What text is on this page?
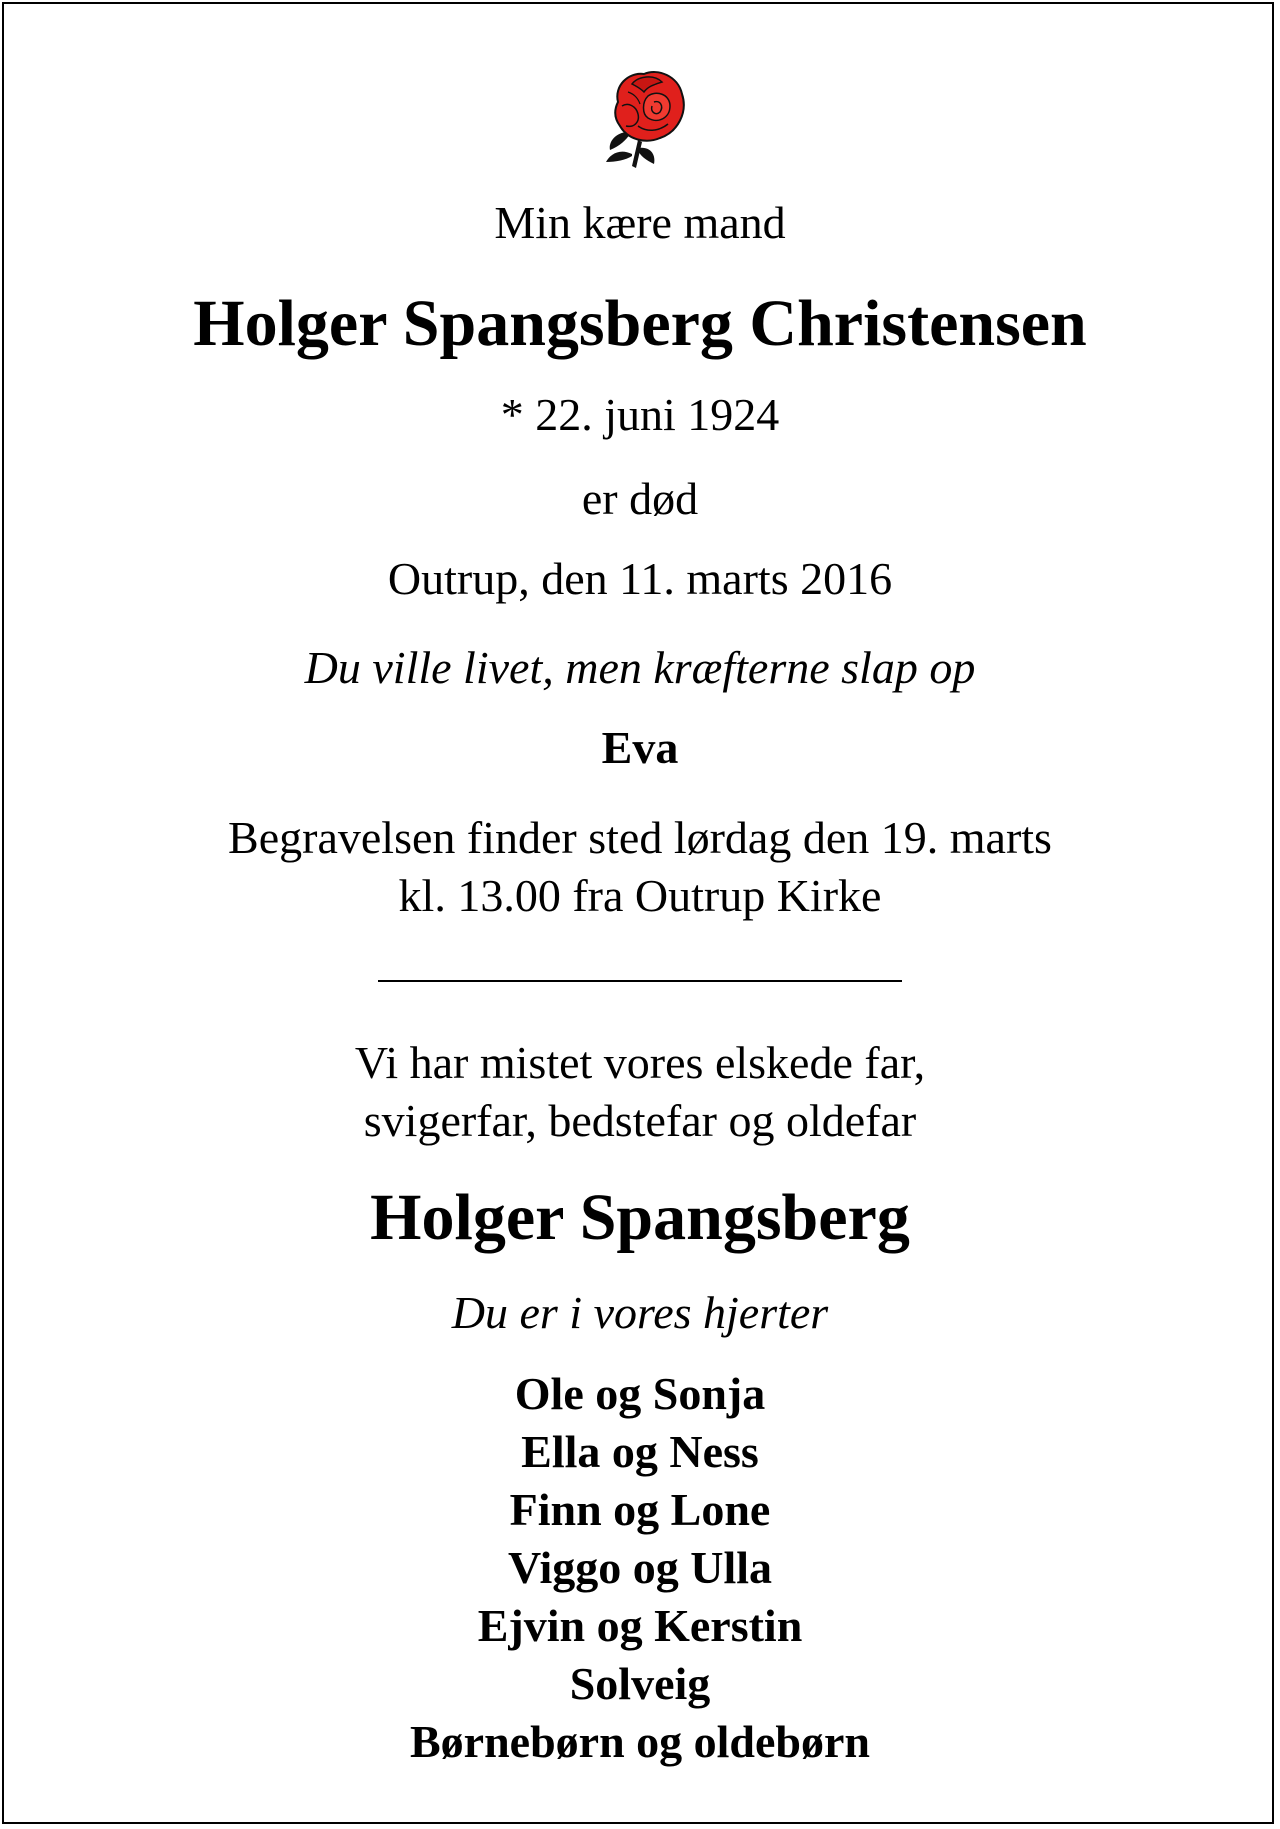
Min kære mand
Holger Spangsberg Christensen
* 22. juni 1924
er død
Outrup, den 11. marts 2016
Du ville livet, men kræfterne slap op
Eva
Begravelsen finder sted lørdag den 19. marts
kl. 13.00 fra Outrup Kirke
Vi har mistet vores elskede far,
svigerfar, bedstefar og oldefar
Holger Spangsberg
Du er i vores hjerter
Ole og Sonja
Ella og Ness
Finn og Lone
Viggo og Ulla
Ejvin og Kerstin
Solveig
Børnebørn og oldebørn
